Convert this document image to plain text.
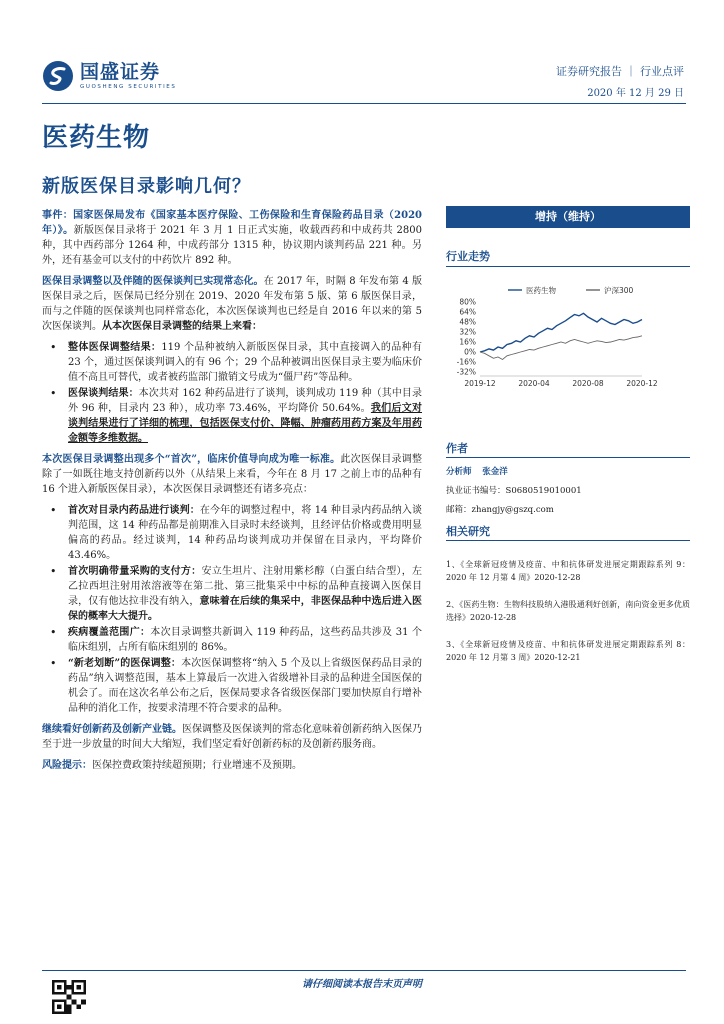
国盛证券
GUOSHENG SECURITIES
证券研究报告 ｜ 行业点评
2020 年 12 月 29 日
医药生物
新版医保目录影响几何？

事件：国家医保局发布《国家基本医疗保险、工伤保险和生育保险药品目录（2020 年）》。新版医保目录将于 2021 年 3 月 1 日正式实施，收载西药和中成药共 2800 种，其中西药部分 1264 种，中成药部分 1315 种，协议期内谈判药品 221 种。另外，还有基金可以支付的中药饮片 892 种。

医保目录调整以及伴随的医保谈判已实现常态化。在 2017 年，时隔 8 年发布第 4 版医保目录之后，医保局已经分别在 2019、2020 年发布第 5 版、第 6 版医保目录，而与之伴随的医保谈判也同样常态化，本次医保谈判也已经是自 2016 年以来的第 5 次医保谈判。从本次医保目录调整的结果上来看：

• 整体医保调整结果：119 个品种被纳入新版医保目录，其中直接调入的品种有 23 个，通过医保谈判调入的有 96 个；29 个品种被调出医保目录主要为临床价值不高且可替代，或者被药监部门撤销文号成为“僵尸药”等品种。
• 医保谈判结果：本次共对 162 种药品进行了谈判，谈判成功 119 种（其中目录外 96 种，目录内 23 种），成功率 73.46%，平均降价 50.64%。我们后文对谈判结果进行了详细的梳理，包括医保支付价、降幅、肿瘤药用药方案及年用药金额等多维数据。

本次医保目录调整出现多个“首次”，临床价值导向成为唯一标准。此次医保目录调整除了一如既往地支持创新药以外（从结果上来看，今年在 8 月 17 之前上市的品种有 16 个进入新版医保目录），本次医保目录调整还有诸多亮点：

• 首次对目录内药品进行谈判：在今年的调整过程中，将 14 种目录内药品纳入谈判范围，这 14 种药品都是前期准入目录时未经谈判，且经评估价格或费用明显偏高的药品。经过谈判，14 种药品均谈判成功并保留在目录内，平均降价 43.46%。
• 首次明确带量采购的支付方：安立生坦片、注射用紫杉醇（白蛋白结合型），左乙拉西坦注射用浓溶液等在第二批、第三批集采中中标的品种直接调入医保目录，仅有他达拉非没有纳入，意味着在后续的集采中，非医保品种中选后进入医保的概率大大提升。
• 疾病覆盖范围广：本次目录调整共新调入 119 种药品，这些药品共涉及 31 个临床组别，占所有临床组别的 86%。
• “新老划断”的医保调整：本次医保调整将“纳入 5 个及以上省级医保药品目录的药品”纳入调整范围，基本上算最后一次进入省级增补目录的品种进全国医保的机会了。而在这次名单公布之后，医保局要求各省级医保部门要加快原自行增补品种的消化工作，按要求清理不符合要求的品种。

继续看好创新药及创新产业链。医保调整及医保谈判的常态化意味着创新药纳入医保乃至于进一步放量的时间大大缩短，我们坚定看好创新药标的及创新药服务商。

风险提示：医保控费政策持续超预期；行业增速不及预期。

增持（维持）
行业走势
80%
64%
48%
32%
16%
0%
-16%
-32%
2019-12	2020-04	2020-08	2020-12
医药生物	沪深300
作者
分析师 张金洋
执业证书编号：S0680519010001
邮箱：zhangjy@gszq.com
相关研究
1、《全球新冠疫情及疫苗、中和抗体研发进展定期跟踪系列 9：2020 年 12 月第 4 周》2020-12-28
2、《医药生物：生物科技股纳入港股通利好创新，南向资金更多优质选择》2020-12-28
3、《全球新冠疫情及疫苗、中和抗体研发进展定期跟踪系列 8：2020 年 12 月第 3 周》2020-12-21
请仔细阅读本报告末页声明
